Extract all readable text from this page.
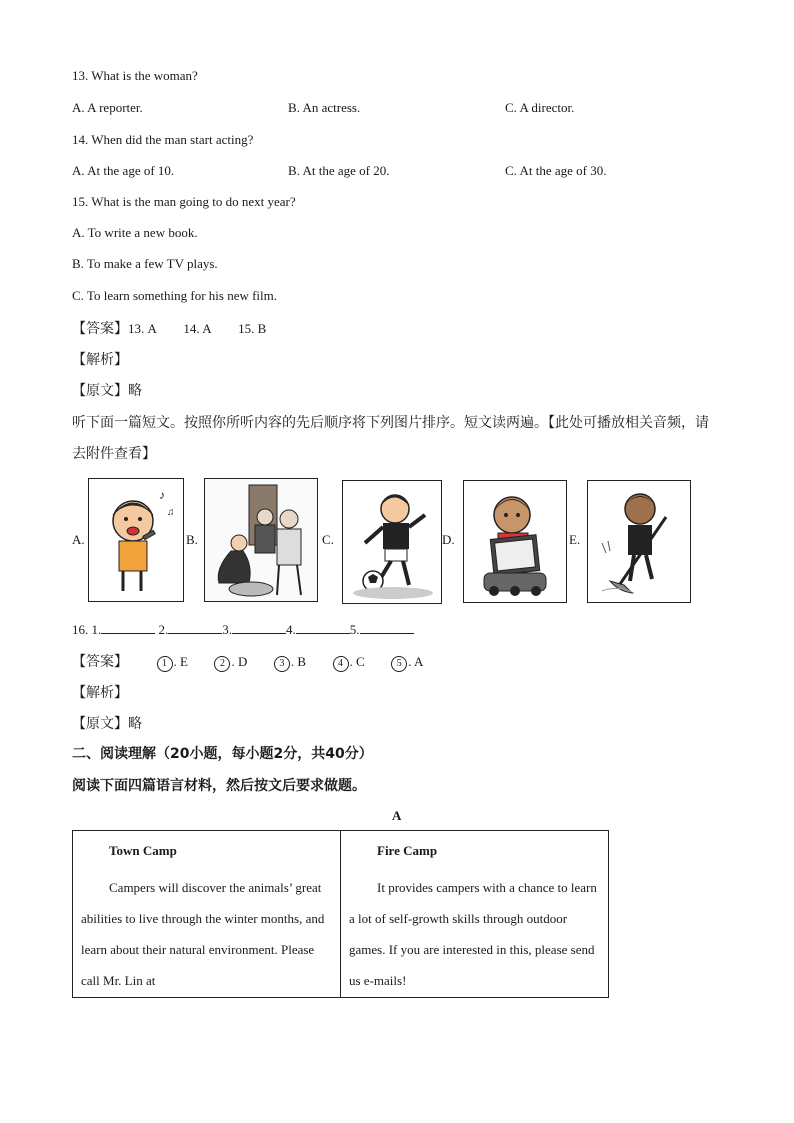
13. What is the woman?
A. A reporter.	B. An actress.	C. A director.
14. When did the man start acting?
A. At the age of 10.	B. At the age of 20.	C. At the age of 30.
15. What is the man going to do next year?
A. To write a new book.
B. To make a few TV plays.
C. To learn something for his new film.
【答案】13. A 14. A 15. B
【解析】
【原文】略
听下面一篇短文。按照你所听内容的先后顺序将下列图片排序。短文读两遍。【此处可播放相关音频，请
去附件查看】
A.
♪
♫
B.	C.	D.	E.
16. 1.	2.	3.	4.	5.
【答案】	1 . E	2 . D	3 . B	4 . C	5 . A
【解析】
【原文】略
二、阅读理解（20小题，每小题2分，共40分）
阅读下面四篇语言材料，然后按文后要求做题。
A
Town Camp
Campers will discover the animals’ great abilities to live through the winter months, and learn about their natural environment. Please call Mr. Lin at

Fire Camp
It provides campers with a chance to learn a lot of self-growth skills through outdoor games. If you are interested in this, please send us e-mails!
